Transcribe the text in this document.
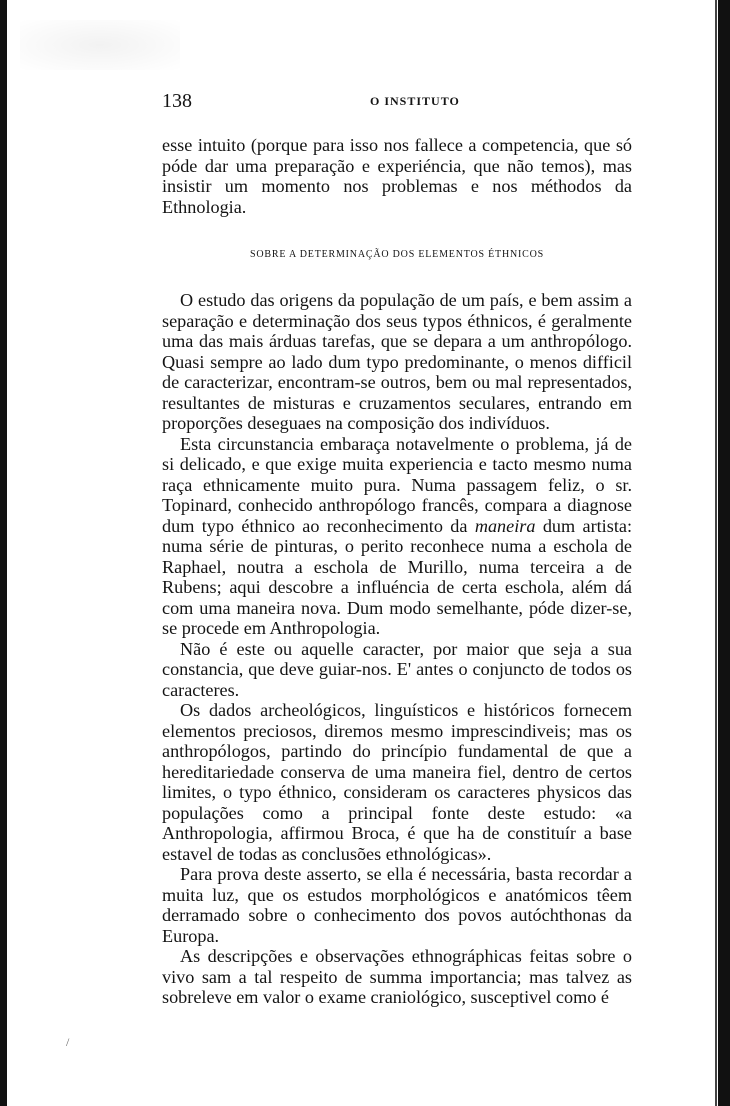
138	O INSTITUTO

esse intuito (porque para isso nos fallece a competencia, que só póde dar uma preparação e experiéncia, que não temos), mas insistir um momento nos problemas e nos méthodos da Ethnologia.

SOBRE A DETERMINAÇÃO DOS ELEMENTOS ÉTHNICOS

O estudo das origens da população de um país, e bem assim a separação e determinação dos seus typos éthnicos, é geralmente uma das mais árduas tarefas, que se depara a um anthropólogo. Quasi sempre ao lado dum typo predominante, o menos difficil de caracterizar, encontram-se outros, bem ou mal representados, resultantes de misturas e cruzamentos seculares, entrando em proporções deseguaes na composição dos indivíduos.

Esta circunstancia embaraça notavelmente o problema, já de si delicado, e que exige muita experiencia e tacto mesmo numa raça ethnicamente muito pura. Numa passagem feliz, o sr. Topinard, conhecido anthropólogo francês, compara a diagnose dum typo éthnico ao reconhecimento da maneira dum artista: numa série de pinturas, o perito reconhece numa a eschola de Raphael, noutra a eschola de Murillo, numa terceira a de Rubens; aqui descobre a influéncia de certa eschola, além dá com uma maneira nova. Dum modo semelhante, póde dizer-se, se procede em Anthropologia.

Não é este ou aquelle caracter, por maior que seja a sua constancia, que deve guiar-nos. E' antes o conjuncto de todos os caracteres.

Os dados archeológicos, linguísticos e históricos fornecem elementos preciosos, diremos mesmo imprescindiveis; mas os anthropólogos, partindo do princípio fundamental de que a hereditariedade conserva de uma maneira fiel, dentro de certos limites, o typo éthnico, consideram os caracteres physicos das populações como a principal fonte deste estudo: «a Anthropologia, affirmou Broca, é que ha de constituír a base estavel de todas as conclusões ethnológicas».

Para prova deste asserto, se ella é necessária, basta recordar a muita luz, que os estudos morphológicos e anatómicos têem derramado sobre o conhecimento dos povos autóchthonas da Europa.

As descripções e observações ethnográphicas feitas sobre o vivo sam a tal respeito de summa importancia; mas talvez as sobreleve em valor o exame craniológico, susceptivel como é

/
